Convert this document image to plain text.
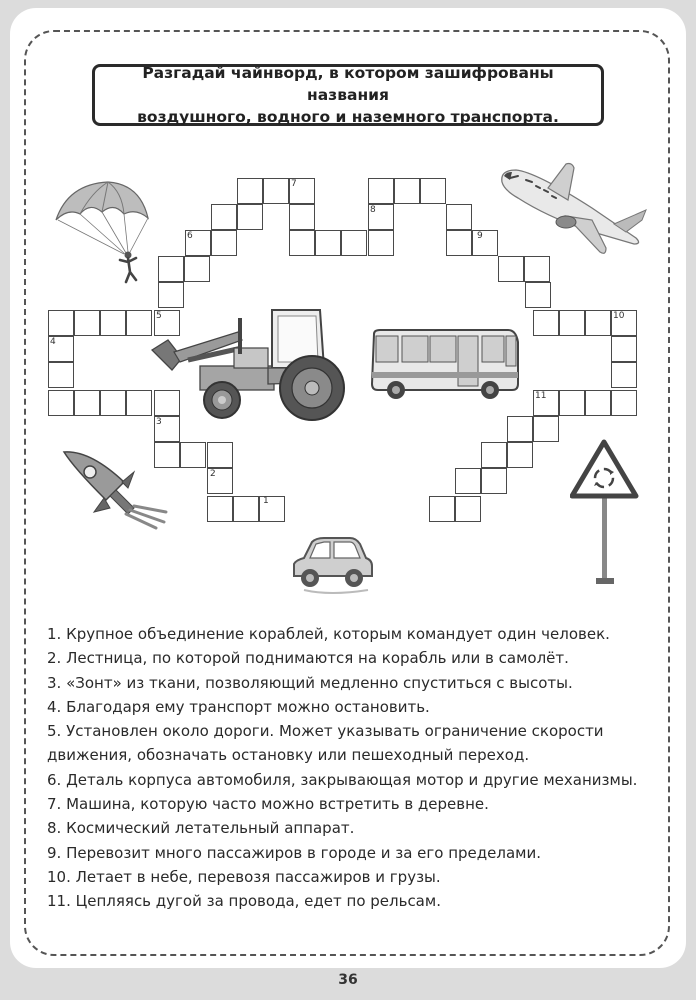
Разгадай чайнворд, в котором зашифрованы названия
воздушного, водного и наземного транспорта.
1
2
3
4
5
6
7
8
9
10
11
1. Крупное объединение кораблей, которым командует один человек.
2. Лестница, по которой поднимаются на корабль или в самолёт.
3. «Зонт» из ткани, позволяющий медленно спуститься с высоты.
4. Благодаря ему транспорт можно остановить.
5. Установлен около дороги. Может указывать ограничение скорости
движения, обозначать остановку или пешеходный переход.
6. Деталь корпуса автомобиля, закрывающая мотор и другие механизмы.
7. Машина, которую часто можно встретить в деревне.
8. Космический летательный аппарат.
9. Перевозит много пассажиров в городе и за его пределами.
10. Летает в небе, перевозя пассажиров и грузы.
11. Цепляясь дугой за провода, едет по рельсам.
36
